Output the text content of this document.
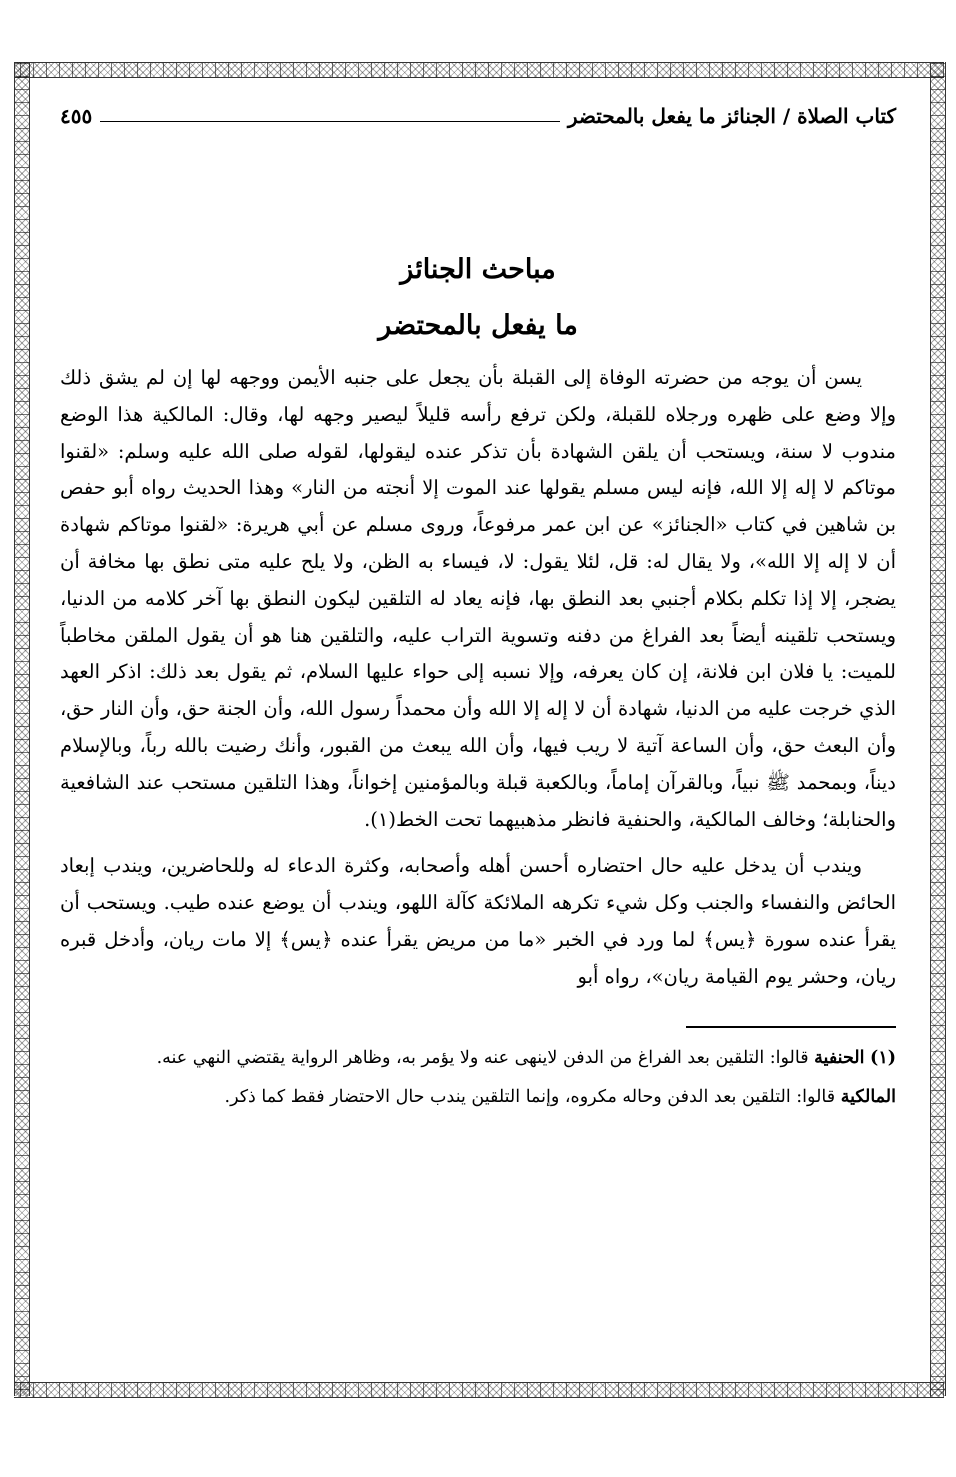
كتاب الصلاة / الجنائز ما يفعل بالمحتضر
٤٥٥
مباحث الجنائز
ما يفعل بالمحتضر

يسن أن يوجه من حضرته الوفاة إلى القبلة بأن يجعل على جنبه الأيمن ووجهه لها إن لم يشق ذلك وإلا وضع على ظهره ورجلاه للقبلة، ولكن ترفع رأسه قليلاً ليصير وجهه لها، وقال: المالكية هذا الوضع مندوب لا سنة، ويستحب أن يلقن الشهادة بأن تذكر عنده ليقولها، لقوله صلى الله عليه وسلم: «لقنوا موتاكم لا إله إلا الله، فإنه ليس مسلم يقولها عند الموت إلا أنجته من النار» وهذا الحديث رواه أبو حفص بن شاهين في كتاب «الجنائز» عن ابن عمر مرفوعاً، وروى مسلم عن أبي هريرة: «لقنوا موتاكم شهادة أن لا إله إلا الله»، ولا يقال له: قل، لئلا يقول: لا، فيساء به الظن، ولا يلح عليه متى نطق بها مخافة أن يضجر، إلا إذا تكلم بكلام أجنبي بعد النطق بها، فإنه يعاد له التلقين ليكون النطق بها آخر كلامه من الدنيا، ويستحب تلقينه أيضاً بعد الفراغ من دفنه وتسوية التراب عليه، والتلقين هنا هو أن يقول الملقن مخاطباً للميت: يا فلان ابن فلانة، إن كان يعرفه، وإلا نسبه إلى حواء عليها السلام، ثم يقول بعد ذلك: اذكر العهد الذي خرجت عليه من الدنيا، شهادة أن لا إله إلا الله وأن محمداً رسول الله، وأن الجنة حق، وأن النار حق، وأن البعث حق، وأن الساعة آتية لا ريب فيها، وأن الله يبعث من القبور، وأنك رضيت بالله رباً، وبالإسلام ديناً، وبمحمد ﷺ نبياً، وبالقرآن إماماً، وبالكعبة قبلة وبالمؤمنين إخواناً، وهذا التلقين مستحب عند الشافعية والحنابلة؛ وخالف المالكية، والحنفية فانظر مذهبيهما تحت الخط(١).

ويندب أن يدخل عليه حال احتضاره أحسن أهله وأصحابه، وكثرة الدعاء له وللحاضرين، ويندب إبعاد الحائض والنفساء والجنب وكل شيء تكرهه الملائكة كآلة اللهو، ويندب أن يوضع عنده طيب. ويستحب أن يقرأ عنده سورة ﴿يس﴾ لما ورد في الخبر «ما من مريض يقرأ عنده ﴿يس﴾ إلا مات ريان، وأدخل قبره ريان، وحشر يوم القيامة ريان»، رواه أبو

(١) الحنفية قالوا: التلقين بعد الفراغ من الدفن لاينهى عنه ولا يؤمر به، وظاهر الرواية يقتضي النهي عنه.

المالكية قالوا: التلقين بعد الدفن وحاله مكروه، وإنما التلقين يندب حال الاحتضار فقط كما ذكر.
